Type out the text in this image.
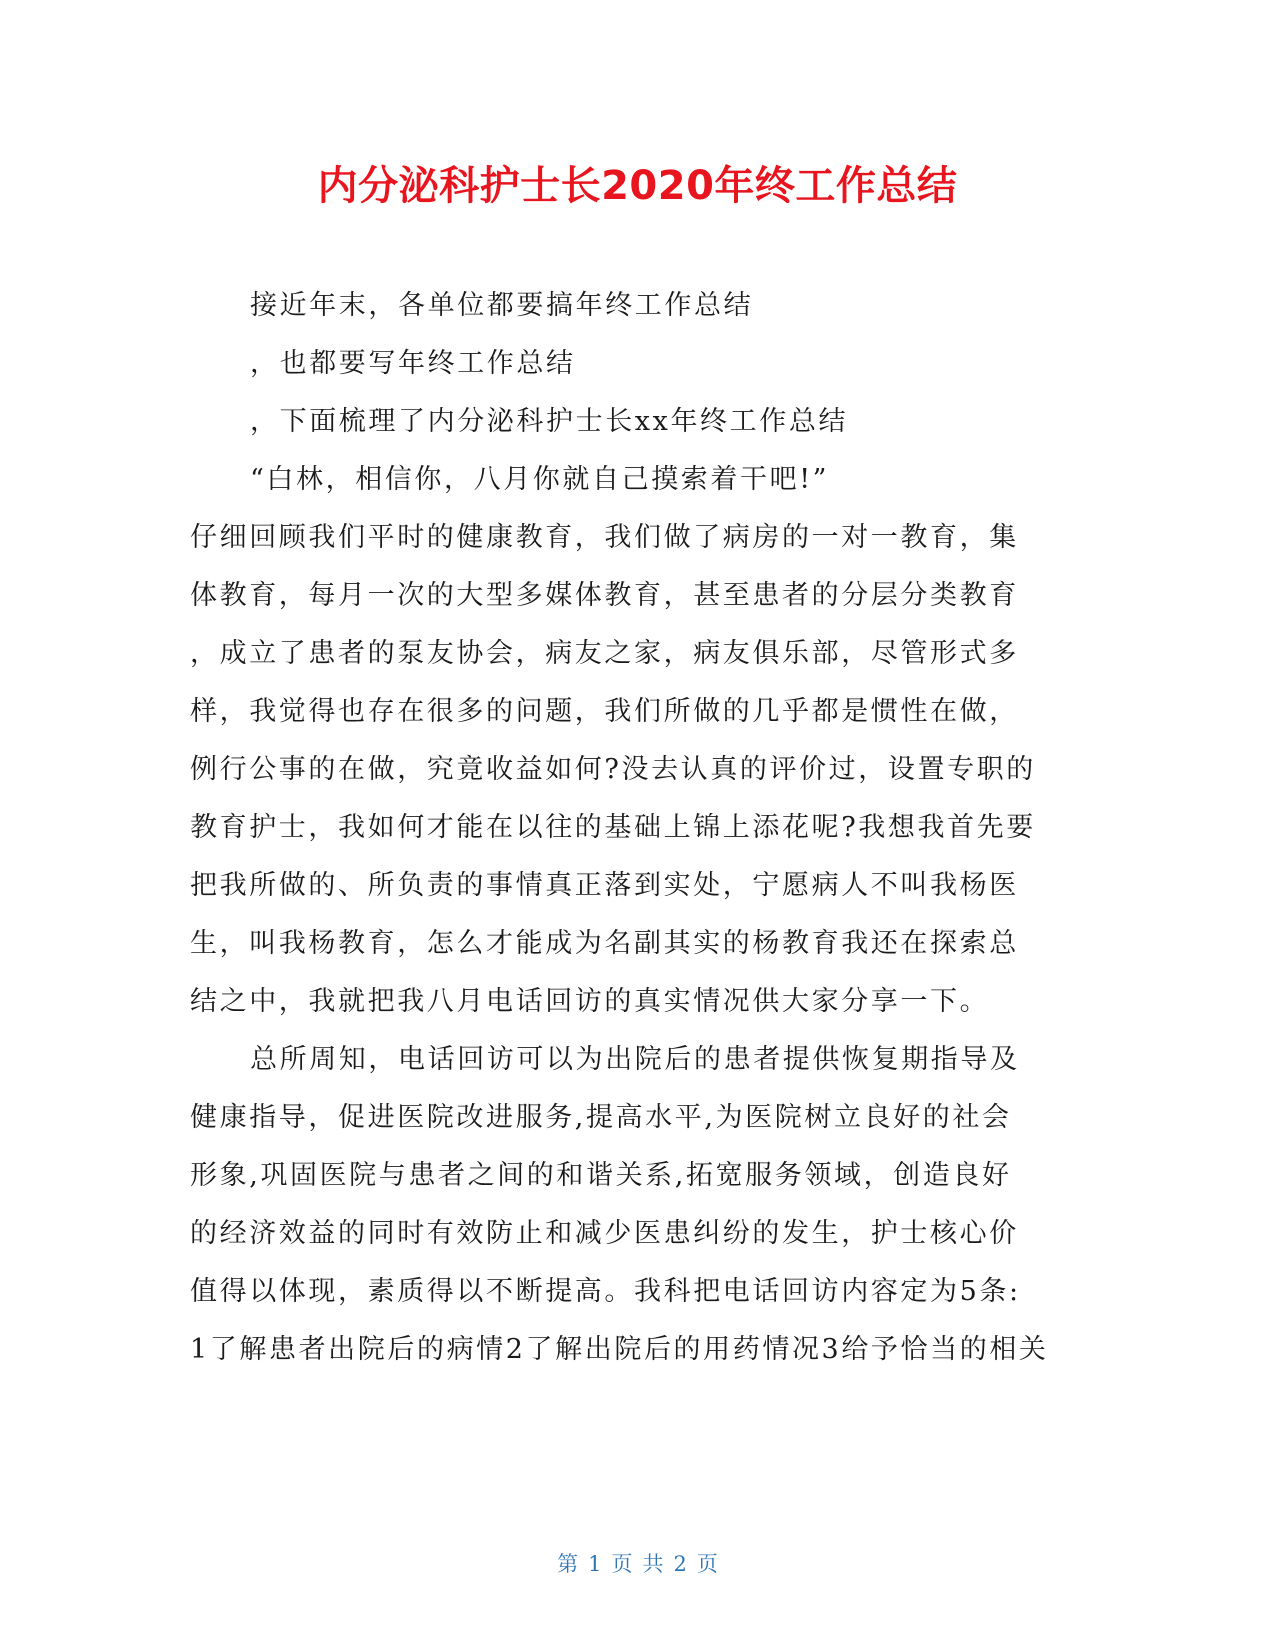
内分泌科护士长2020年终工作总结
接近年末，各单位都要搞年终工作总结
，也都要写年终工作总结
，下面梳理了内分泌科护士长xx年终工作总结
“白林，相信你，八月你就自己摸索着干吧!”
仔细回顾我们平时的健康教育，我们做了病房的一对一教育，集
体教育，每月一次的大型多媒体教育，甚至患者的分层分类教育
，成立了患者的泵友协会，病友之家，病友俱乐部，尽管形式多
样，我觉得也存在很多的问题，我们所做的几乎都是惯性在做，
例行公事的在做，究竟收益如何?没去认真的评价过，设置专职的
教育护士，我如何才能在以往的基础上锦上添花呢?我想我首先要
把我所做的、所负责的事情真正落到实处，宁愿病人不叫我杨医
生，叫我杨教育，怎么才能成为名副其实的杨教育我还在探索总
结之中，我就把我八月电话回访的真实情况供大家分享一下。
总所周知，电话回访可以为出院后的患者提供恢复期指导及
健康指导，促进医院改进服务,提高水平,为医院树立良好的社会
形象,巩固医院与患者之间的和谐关系,拓宽服务领域，创造良好
的经济效益的同时有效防止和减少医患纠纷的发生，护士核心价
值得以体现，素质得以不断提高。我科把电话回访内容定为5条:
1了解患者出院后的病情2了解出院后的用药情况3给予恰当的相关
第 1 页 共 2 页
